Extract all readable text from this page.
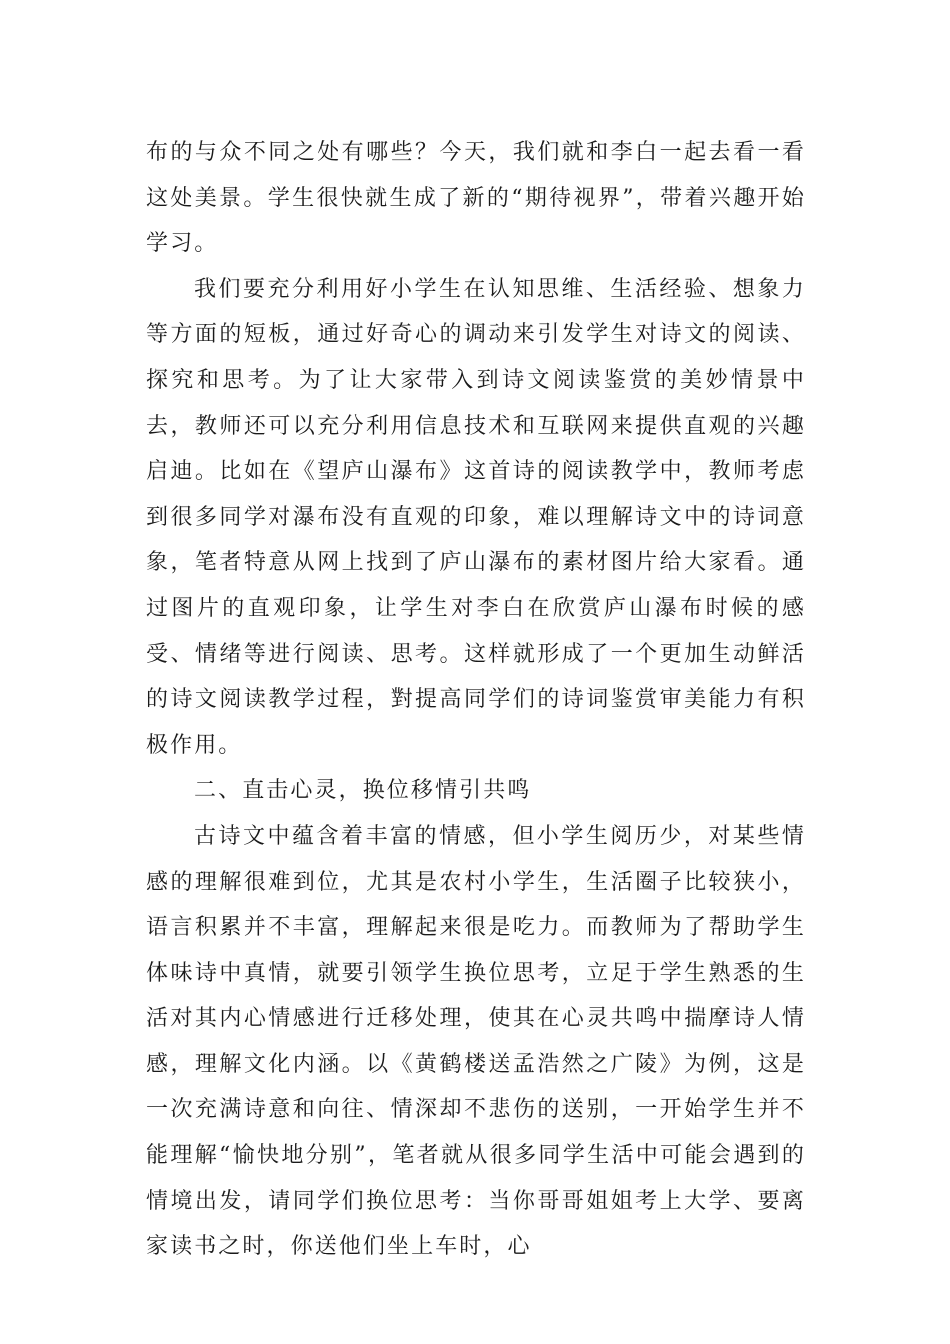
布的与众不同之处有哪些？今天，我们就和李白一起去看一看这处美景。学生很快就生成了新的“期待视界”，带着兴趣开始学习。

我们要充分利用好小学生在认知思维、生活经验、想象力等方面的短板，通过好奇心的调动来引发学生对诗文的阅读、探究和思考。为了让大家带入到诗文阅读鉴赏的美妙情景中去，教师还可以充分利用信息技术和互联网来提供直观的兴趣启迪。比如在《望庐山瀑布》这首诗的阅读教学中，教师考虑到很多同学对瀑布没有直观的印象，难以理解诗文中的诗词意象，笔者特意从网上找到了庐山瀑布的素材图片给大家看。通过图片的直观印象，让学生对李白在欣赏庐山瀑布时候的感受、情绪等进行阅读、思考。这样就形成了一个更加生动鲜活的诗文阅读教学过程，對提高同学们的诗词鉴赏审美能力有积极作用。

二、直击心灵，换位移情引共鸣

古诗文中蕴含着丰富的情感，但小学生阅历少，对某些情感的理解很难到位，尤其是农村小学生，生活圈子比较狭小，语言积累并不丰富，理解起来很是吃力。而教师为了帮助学生体味诗中真情，就要引领学生换位思考，立足于学生熟悉的生活对其内心情感进行迁移处理，使其在心灵共鸣中揣摩诗人情感，理解文化内涵。以《黄鹤楼送孟浩然之广陵》为例，这是一次充满诗意和向往、情深却不悲伤的送别，一开始学生并不能理解“愉快地分别”，笔者就从很多同学生活中可能会遇到的情境出发，请同学们换位思考：当你哥哥姐姐考上大学、要离家读书之时，你送他们坐上车时，心
